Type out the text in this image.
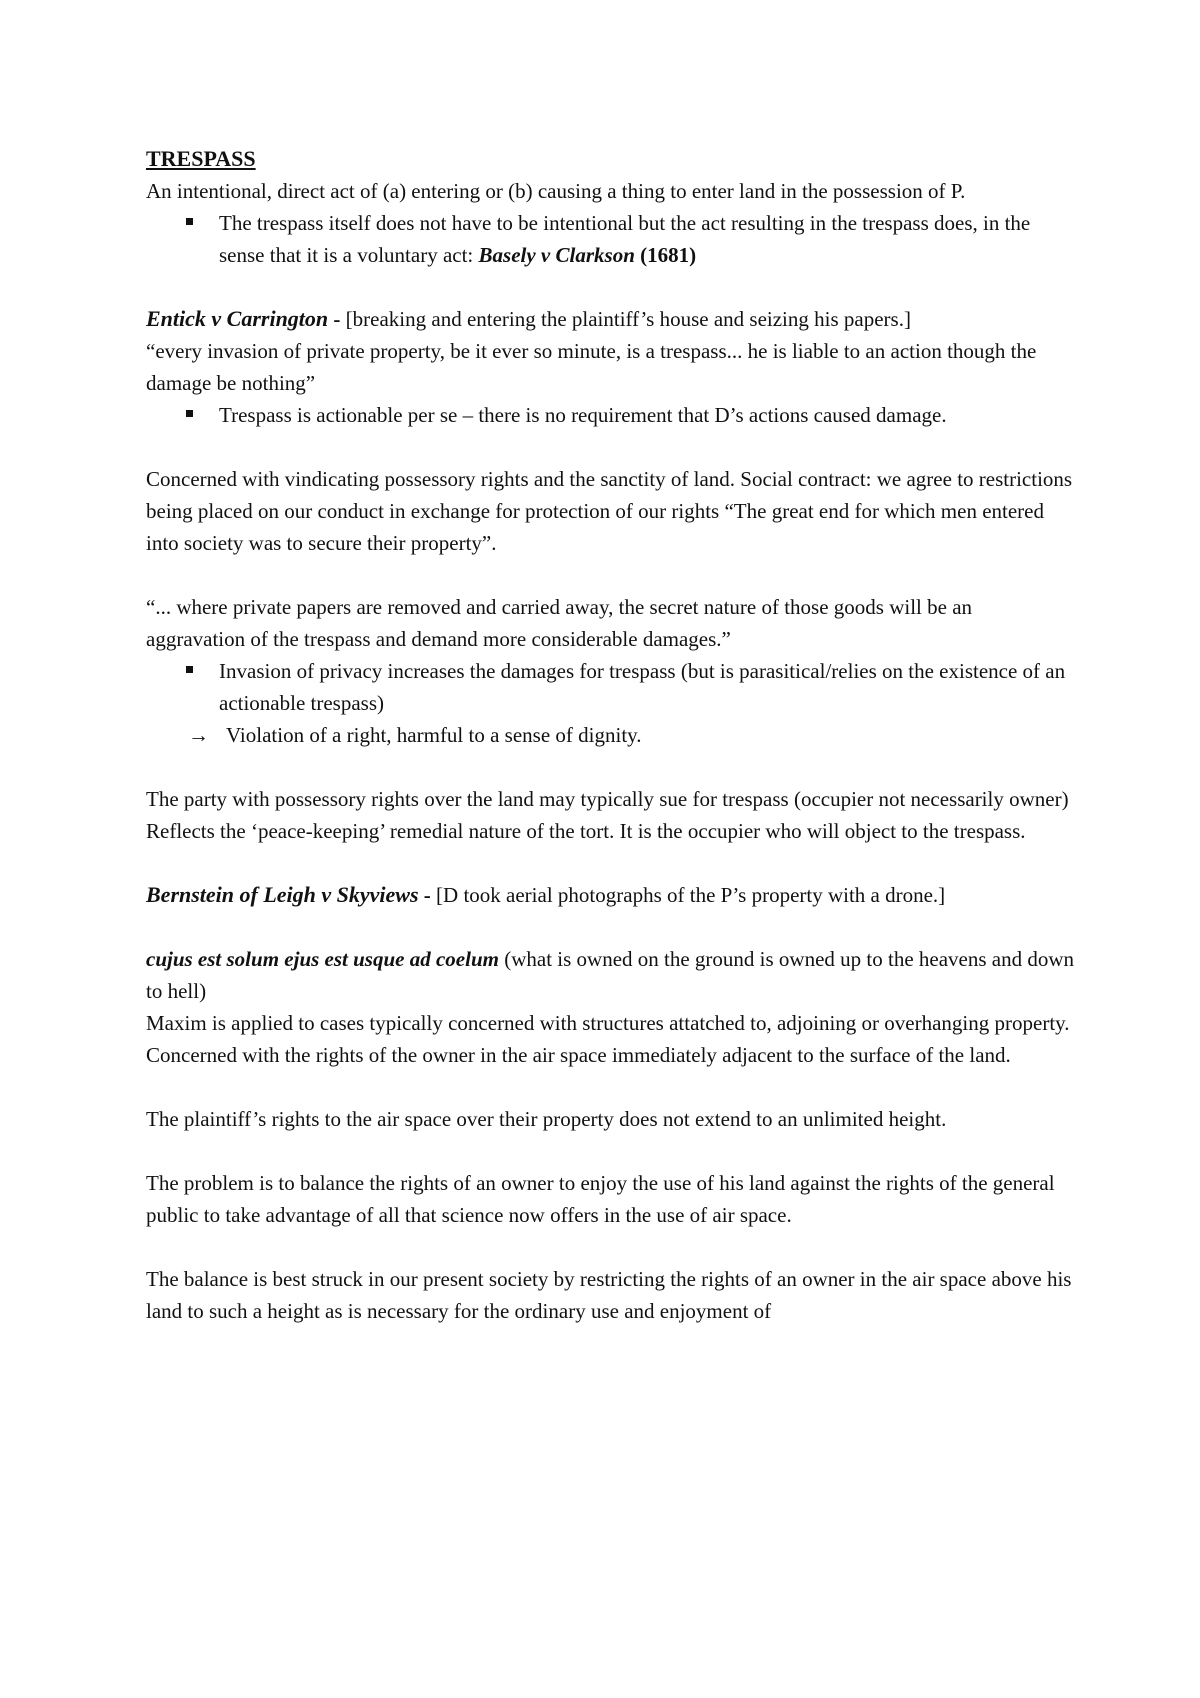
TRESPASS

An intentional, direct act of (a) entering or (b) causing a thing to enter land in the possession of P.

The trespass itself does not have to be intentional but the act resulting in the trespass does, in the sense that it is a voluntary act: Basely v Clarkson (1681)

Entick v Carrington - [breaking and entering the plaintiff’s house and seizing his papers.]

“every invasion of private property, be it ever so minute, is a trespass... he is liable to an action though the damage be nothing”

Trespass is actionable per se – there is no requirement that D’s actions caused damage.

Concerned with vindicating possessory rights and the sanctity of land. Social contract: we agree to restrictions being placed on our conduct in exchange for protection of our rights “The great end for which men entered into society was to secure their property”.

“... where private papers are removed and carried away, the secret nature of those goods will be an aggravation of the trespass and demand more considerable damages.”

Invasion of privacy increases the damages for trespass (but is parasitical/relies on the existence of an actionable trespass)
→ Violation of a right, harmful to a sense of dignity.

The party with possessory rights over the land may typically sue for trespass (occupier not necessarily owner) Reflects the ‘peace-keeping’ remedial nature of the tort. It is the occupier who will object to the trespass.

Bernstein of Leigh v Skyviews - [D took aerial photographs of the P’s property with a drone.]

cujus est solum ejus est usque ad coelum (what is owned on the ground is owned up to the heavens and down to hell)

Maxim is applied to cases typically concerned with structures attatched to, adjoining or overhanging property. Concerned with the rights of the owner in the air space immediately adjacent to the surface of the land.

The plaintiff’s rights to the air space over their property does not extend to an unlimited height.

The problem is to balance the rights of an owner to enjoy the use of his land against the rights of the general public to take advantage of all that science now offers in the use of air space.

The balance is best struck in our present society by restricting the rights of an owner in the air space above his land to such a height as is necessary for the ordinary use and enjoyment of
